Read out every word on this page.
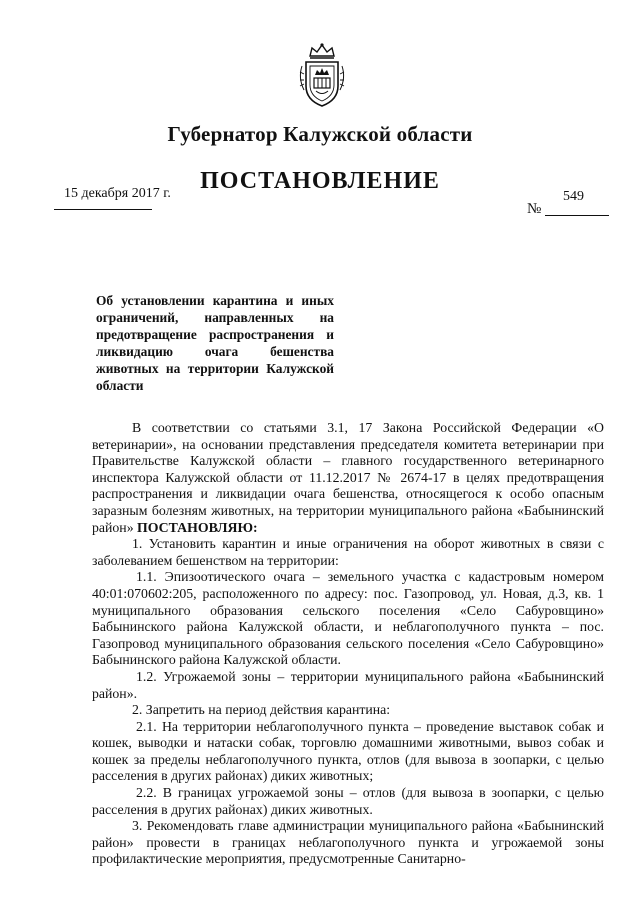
Губернатор Калужской области
ПОСТАНОВЛЕНИЕ
15 декабря 2017 г.	549
№
Об установлении карантина и иных ограничений, направленных на предотвращение распространения и ликвидацию очага бешенства животных на территории Калужской области

В соответствии со статьями 3.1, 17 Закона Российской Федерации «О ветеринарии», на основании представления председателя комитета ветеринарии при Правительстве Калужской области – главного государственного ветеринарного инспектора Калужской области от 11.12.2017 № 2674-17 в целях предотвращения распространения и ликвидации очага бешенства, относящегося к особо опасным заразным болезням животных, на территории муниципального района «Бабынинский район» ПОСТАНОВЛЯЮ:

1. Установить карантин и иные ограничения на оборот животных в связи с заболеванием бешенством на территории:

1.1. Эпизоотического очага – земельного участка с кадастровым номером 40:01:070602:205, расположенного по адресу: пос. Газопровод, ул. Новая, д.3, кв. 1 муниципального образования сельского поселения «Село Сабуровщино» Бабынинского района Калужской области, и неблагополучного пункта – пос. Газопровод муниципального образования сельского поселения «Село Сабуровщино» Бабынинского района Калужской области.

1.2. Угрожаемой зоны – территории муниципального района «Бабынинский район».

2. Запретить на период действия карантина:

2.1. На территории неблагополучного пункта – проведение выставок собак и кошек, выводки и натаски собак, торговлю домашними животными, вывоз собак и кошек за пределы неблагополучного пункта, отлов (для вывоза в зоопарки, с целью расселения в других районах) диких животных;

2.2. В границах угрожаемой зоны – отлов (для вывоза в зоопарки, с целью расселения в других районах) диких животных.

3. Рекомендовать главе администрации муниципального района «Бабынинский район» провести в границах неблагополучного пункта и угрожаемой зоны профилактические мероприятия, предусмотренные Санитарно-
